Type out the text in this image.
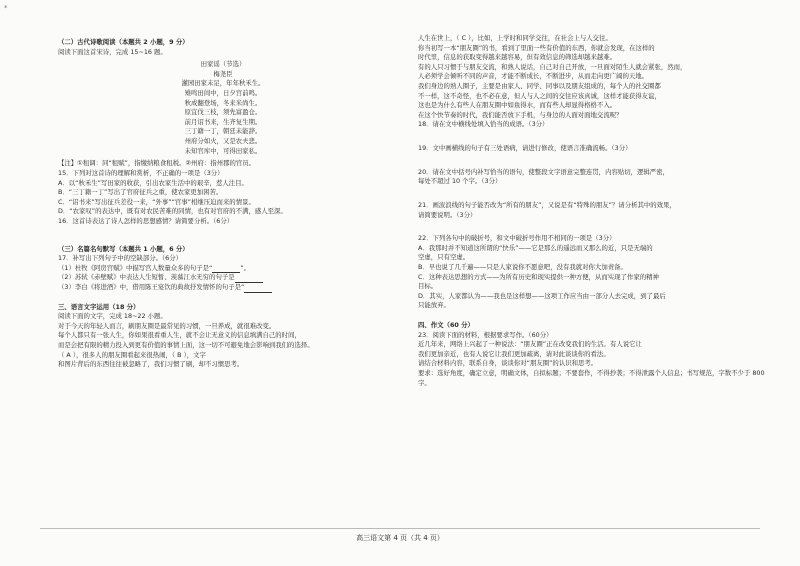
*

（二）古代诗歌阅读（本题共 2 小题，9 分）

阅读下面这首宋诗，完成 15~16 题。

田家谣（节选）

梅尧臣

灌园田家未足，年年秋禾生。

雉鸣田间中，日夕宫前鸣。

秋成翻登场，冬来米尚生。

原宜伐三枝，须先富盈仓。

前月诏书来，生齐复生期。

三丁籍一丁，朝廷未能辞。

州府分如火，又是农夫悲。

未知官库中，可得田家私。

【注】①租调：同“租赋”，指缴纳粮食租税。②州府：指州郡的官员。

15．下列对这首诗的理解和赏析，不正确的一项是（3分）

A．以“秋禾生”写田家的收获，引出农家生活中的艰辛，惹人注目。

B．“三丁籍一丁”写出了官府征兵之重，使农家更加困苦。

C．“诏书来”写出征兵差役一来，“外事”“官事”相继压迫而来的情景。

D．“农家叹”的表达中，既有对农民苦难的同情，也有对官府的不满，感人至深。

16．这首诗表达了诗人怎样的思想感情？请简要分析。（6分）

（三）名篇名句默写（本题共 1 小题，6 分）

17．补写出下列句子中的空缺部分。（6分）

（1）杜牧《阿房宫赋》中描写宫人数量众多的句子是“	”。

（2）苏轼《赤壁赋》中表达人生短暂、羡慕江水无穷的句子是

（3）李白《将进酒》中，借用陈王宴饮的典故抒发情怀的句子是“

三、语言文字运用（18 分）

阅读下面的文字，完成 18~22 小题。

对于今天的年轻人而言，刷朋友圈是最常见的习惯，一旦养成，就很难改变。

每个人都只有一张人生，你如果很看重人生，就不会让无意义的信息填满自己的时间，

而是会把有限的精力投入到更有价值的事情上面，这一切不可避免地会影响到我们的选择。

（ A ），很多人的朋友圈看起来很热闹，（ B ），文字

和图片背后的东西往往被忽略了，我们习惯了刷，却不习惯思考。

人生在世上，（ C ），比如，上学时和同学交往，在社会上与人交往。

你当初写一本“朋友圈”的书，看到了里面一些有价值的东西，你就会发现，在这样的

时代里，信息的获取变得越来越容易，但有效信息的筛选却越来越难。

有的人只习惯于与朋友交流，和熟人说话，自己对自己开放，一旦面对陌生人就会紧张，然而，

人必须学会倾听不同的声音，才能不断成长，不断进步，从而走向更广阔的天地。

我们身边的熟人圈子，主要是由家人、同学、同事以及朋友组成的，每个人的社交圈都

不一样，这不奇怪，也不必在意，但人与人之间的交往应该真诚，这样才能获得友谊，

这也是为什么有些人在朋友圈中如鱼得水，而有些人却显得格格不入。

在这个快节奏的时代，我们能否放下手机，与身边的人面对面地交流呢？

18．请在文中横线处填入恰当的成语。（3分）

19．文中画横线的句子有三处语病，请进行修改，使语言准确流畅。（3分）

20．请在文中括号内补写恰当的语句，使整段文字语意完整连贯，内容贴切，逻辑严密，

每处不超过 10 个字。（3分）

21．画波浪线的句子能否改为“所有的朋友”，又说是有“特殊的朋友”？请分析其中的效果，

请简要说明。（3分）

22．下列各句中的破折号，和文中破折号作用不相同的一项是（3分）

A．我那时并不知道这所谓的“快乐”——它是那么的遥远而又那么的近，只是无端的

空虚，只有空虚。

B．早也说了几千遍——只是人家说你不愿意吧，没有我就对你大加责备。

C．这种表达思想的方式——为所有历史和现实提供一种方便，从而实现了作家的精神

目标。

D．其实，人家都认为——我也是这样想——这项工作应当由一部分人去完成，到了最后

只能放弃。

四、作文（60 分）

23．阅读下面的材料，根据要求写作。（60分）

近几年来，网络上兴起了一种说法：“朋友圈”正在改变我们的生活。有人说它让

我们更加亲近，也有人说它让我们更加疏离，请对此谈谈你的看法。

请结合材料内容，联系自身，谈谈你对“朋友圈”的认识和思考。

要求：选好角度，确定立意，明确文体，自拟标题；不要套作，不得抄袭；不得泄露个人信息；书写规范，字数不少于 800

字。

高三语文第 4 页（共 4 页）
